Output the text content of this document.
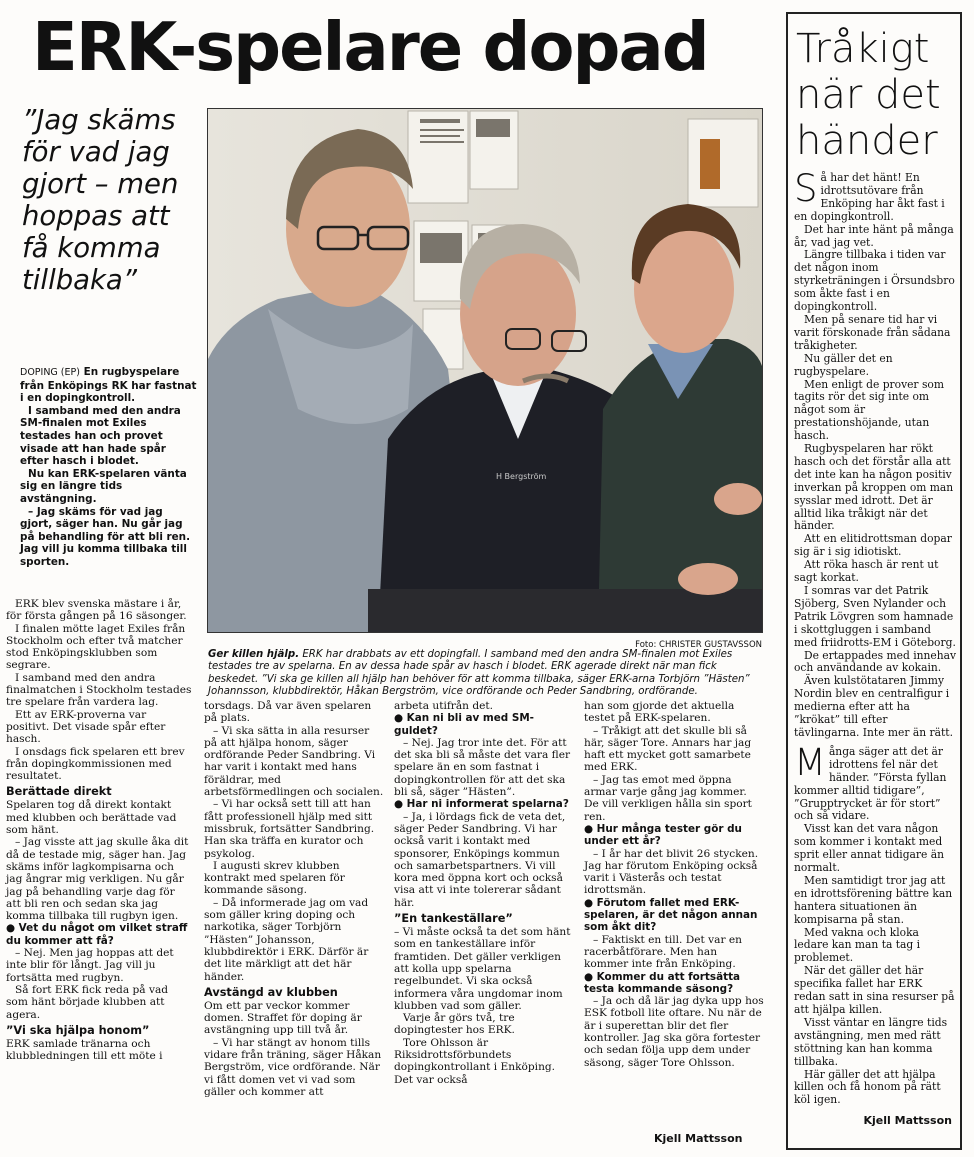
ERK-spelare dopad
”Jag skäms för vad jag gjort – men hoppas att få komma tillbaka”

DOPING (EP) En rugbyspelare från Enköpings RK har fastnat i en dopingkontroll.

I samband med den andra SM-finalen mot Exiles testades han och provet visade att han hade spår efter hasch i blodet.

Nu kan ERK-spelaren vänta sig en längre tids avstängning.

– Jag skäms för vad jag gjort, säger han. Nu går jag på behandling för att bli ren. Jag vill ju komma tillbaka till sporten.

H Bergström
Foto: CHRISTER GUSTAVSSON
Ger killen hjälp. ERK har drabbats av ett dopingfall. I samband med den andra SM-finalen mot Exiles testades tre av spelarna. En av dessa hade spår av hasch i blodet. ERK agerade direkt när man fick beskedet. ”Vi ska ge killen all hjälp han behöver för att komma tillbaka, säger ERK-arna Torbjörn ”Hästen” Johannsson, klubbdirektör, Håkan Bergström, vice ordförande och Peder Sandbring, ordförande.

ERK blev svenska mästare i år, för första gången på 16 säsonger.

I finalen mötte laget Exiles från Stockholm och efter två matcher stod Enköpingsklubben som segrare.

I samband med den andra finalmatchen i Stockholm testades tre spelare från vardera lag.

Ett av ERK-proverna var positivt. Det visade spår efter hasch.

I onsdags fick spelaren ett brev från dopingkommissionen med resultatet.

Berättade direkt

Spelaren tog då direkt kontakt med klubben och berättade vad som hänt.

– Jag visste att jag skulle åka dit då de testade mig, säger han. Jag skäms inför lagkompisarna och jag ångrar mig verkligen. Nu går jag på behandling varje dag för att bli ren och sedan ska jag komma tillbaka till rugbyn igen.

● Vet du något om vilket straff du kommer att få?

– Nej. Men jag hoppas att det inte blir för långt. Jag vill ju fortsätta med rugbyn.

Så fort ERK fick reda på vad som hänt började klubben att agera.

”Vi ska hjälpa honom”

ERK samlade tränarna och klubbledningen till ett möte i

torsdags. Då var även spelaren på plats.

– Vi ska sätta in alla resurser på att hjälpa honom, säger ordförande Peder Sandbring. Vi har varit i kontakt med hans föräldrar, med arbetsförmedlingen och socialen.

– Vi har också sett till att han fått professionell hjälp med sitt missbruk, fortsätter Sandbring. Han ska träffa en kurator och psykolog.

I augusti skrev klubben kontrakt med spelaren för kommande säsong.

– Då informerade jag om vad som gäller kring doping och narkotika, säger Torbjörn ”Hästen” Johansson, klubbdirektör i ERK. Därför är det lite märkligt att det här händer.

Avstängd av klubben

Om ett par veckor kommer domen. Straffet för doping är avstängning upp till två år.

– Vi har stängt av honom tills vidare från träning, säger Håkan Bergström, vice ordförande. När vi fått domen vet vi vad som gäller och kommer att

arbeta utifrån det.

● Kan ni bli av med SM-guldet?

– Nej. Jag tror inte det. För att det ska bli så måste det vara fler spelare än en som fastnat i dopingkontrollen för att det ska bli så, säger ”Hästen”.

● Har ni informerat spelarna?

– Ja, i lördags fick de veta det, säger Peder Sandbring. Vi har också varit i kontakt med sponsorer, Enköpings kommun och samarbetspartners. Vi vill kora med öppna kort och också visa att vi inte tolererar sådant här.

”En tankeställare”

– Vi måste också ta det som hänt som en tankeställare inför framtiden. Det gäller verkligen att kolla upp spelarna regelbundet. Vi ska också informera våra ungdomar inom klubben vad som gäller.

Varje år görs två, tre dopingtester hos ERK.

Tore Ohlsson är Riksidrottsförbundets dopingkontrollant i Enköping. Det var också

han som gjorde det aktuella testet på ERK-spelaren.

– Tråkigt att det skulle bli så här, säger Tore. Annars har jag haft ett mycket gott samarbete med ERK.

– Jag tas emot med öppna armar varje gång jag kommer. De vill verkligen hålla sin sport ren.

● Hur många tester gör du under ett år?

– I år har det blivit 26 stycken. Jag har förutom Enköping också varit i Västerås och testat idrottsmän.

● Förutom fallet med ERK-spelaren, är det någon annan som åkt dit?

– Faktiskt en till. Det var en racerbåtförare. Men han kommer inte från Enköping.

● Kommer du att fortsätta testa kommande säsong?

– Ja och då lär jag dyka upp hos ESK fotboll lite oftare. Nu när de är i superettan blir det fler kontroller. Jag ska göra fortester och sedan följa upp dem under säsong, säger Tore Ohlsson.

Kjell Mattsson
Tråkigt när det händer

Så har det hänt! En idrottsutövare från Enköping har åkt fast i en dopingkontroll.

Det har inte hänt på många år, vad jag vet.

Längre tillbaka i tiden var det någon inom styrketräningen i Örsundsbro som åkte fast i en dopingkontroll.

Men på senare tid har vi varit förskonade från sådana tråkigheter.

Nu gäller det en rugbyspelare.

Men enligt de prover som tagits rör det sig inte om något som är prestationshöjande, utan hasch.

Rugbyspelaren har rökt hasch och det förstår alla att det inte kan ha någon positiv inverkan på kroppen om man sysslar med idrott. Det är alltid lika tråkigt när det händer.

Att en elitidrottsman dopar sig är i sig idiotiskt.

Att röka hasch är rent ut sagt korkat.

I somras var det Patrik Sjöberg, Sven Nylander och Patrik Lövgren som hamnade i skottgluggen i samband med friidrotts-EM i Göteborg.

De ertappades med innehav och användande av kokain.

Även kulstötataren Jimmy Nordin blev en centralfigur i medierna efter att ha ”krökat” till efter tävlingarna. Inte mer än rätt.

Många säger att det är idrottens fel när det händer. ”Första fyllan kommer alltid tidigare”, ”Grupptrycket är för stort” och så vidare.

Visst kan det vara någon som kommer i kontakt med sprit eller annat tidigare än normalt.

Men samtidigt tror jag att en idrottsförening bättre kan hantera situationen än kompisarna på stan.

Med vakna och kloka ledare kan man ta tag i problemet.

När det gäller det här specifika fallet har ERK redan satt in sina resurser på att hjälpa killen.

Visst väntar en längre tids avstängning, men med rätt stöttning kan han komma tillbaka.

Här gäller det att hjälpa killen och få honom på rätt köl igen.

Kjell Mattsson
